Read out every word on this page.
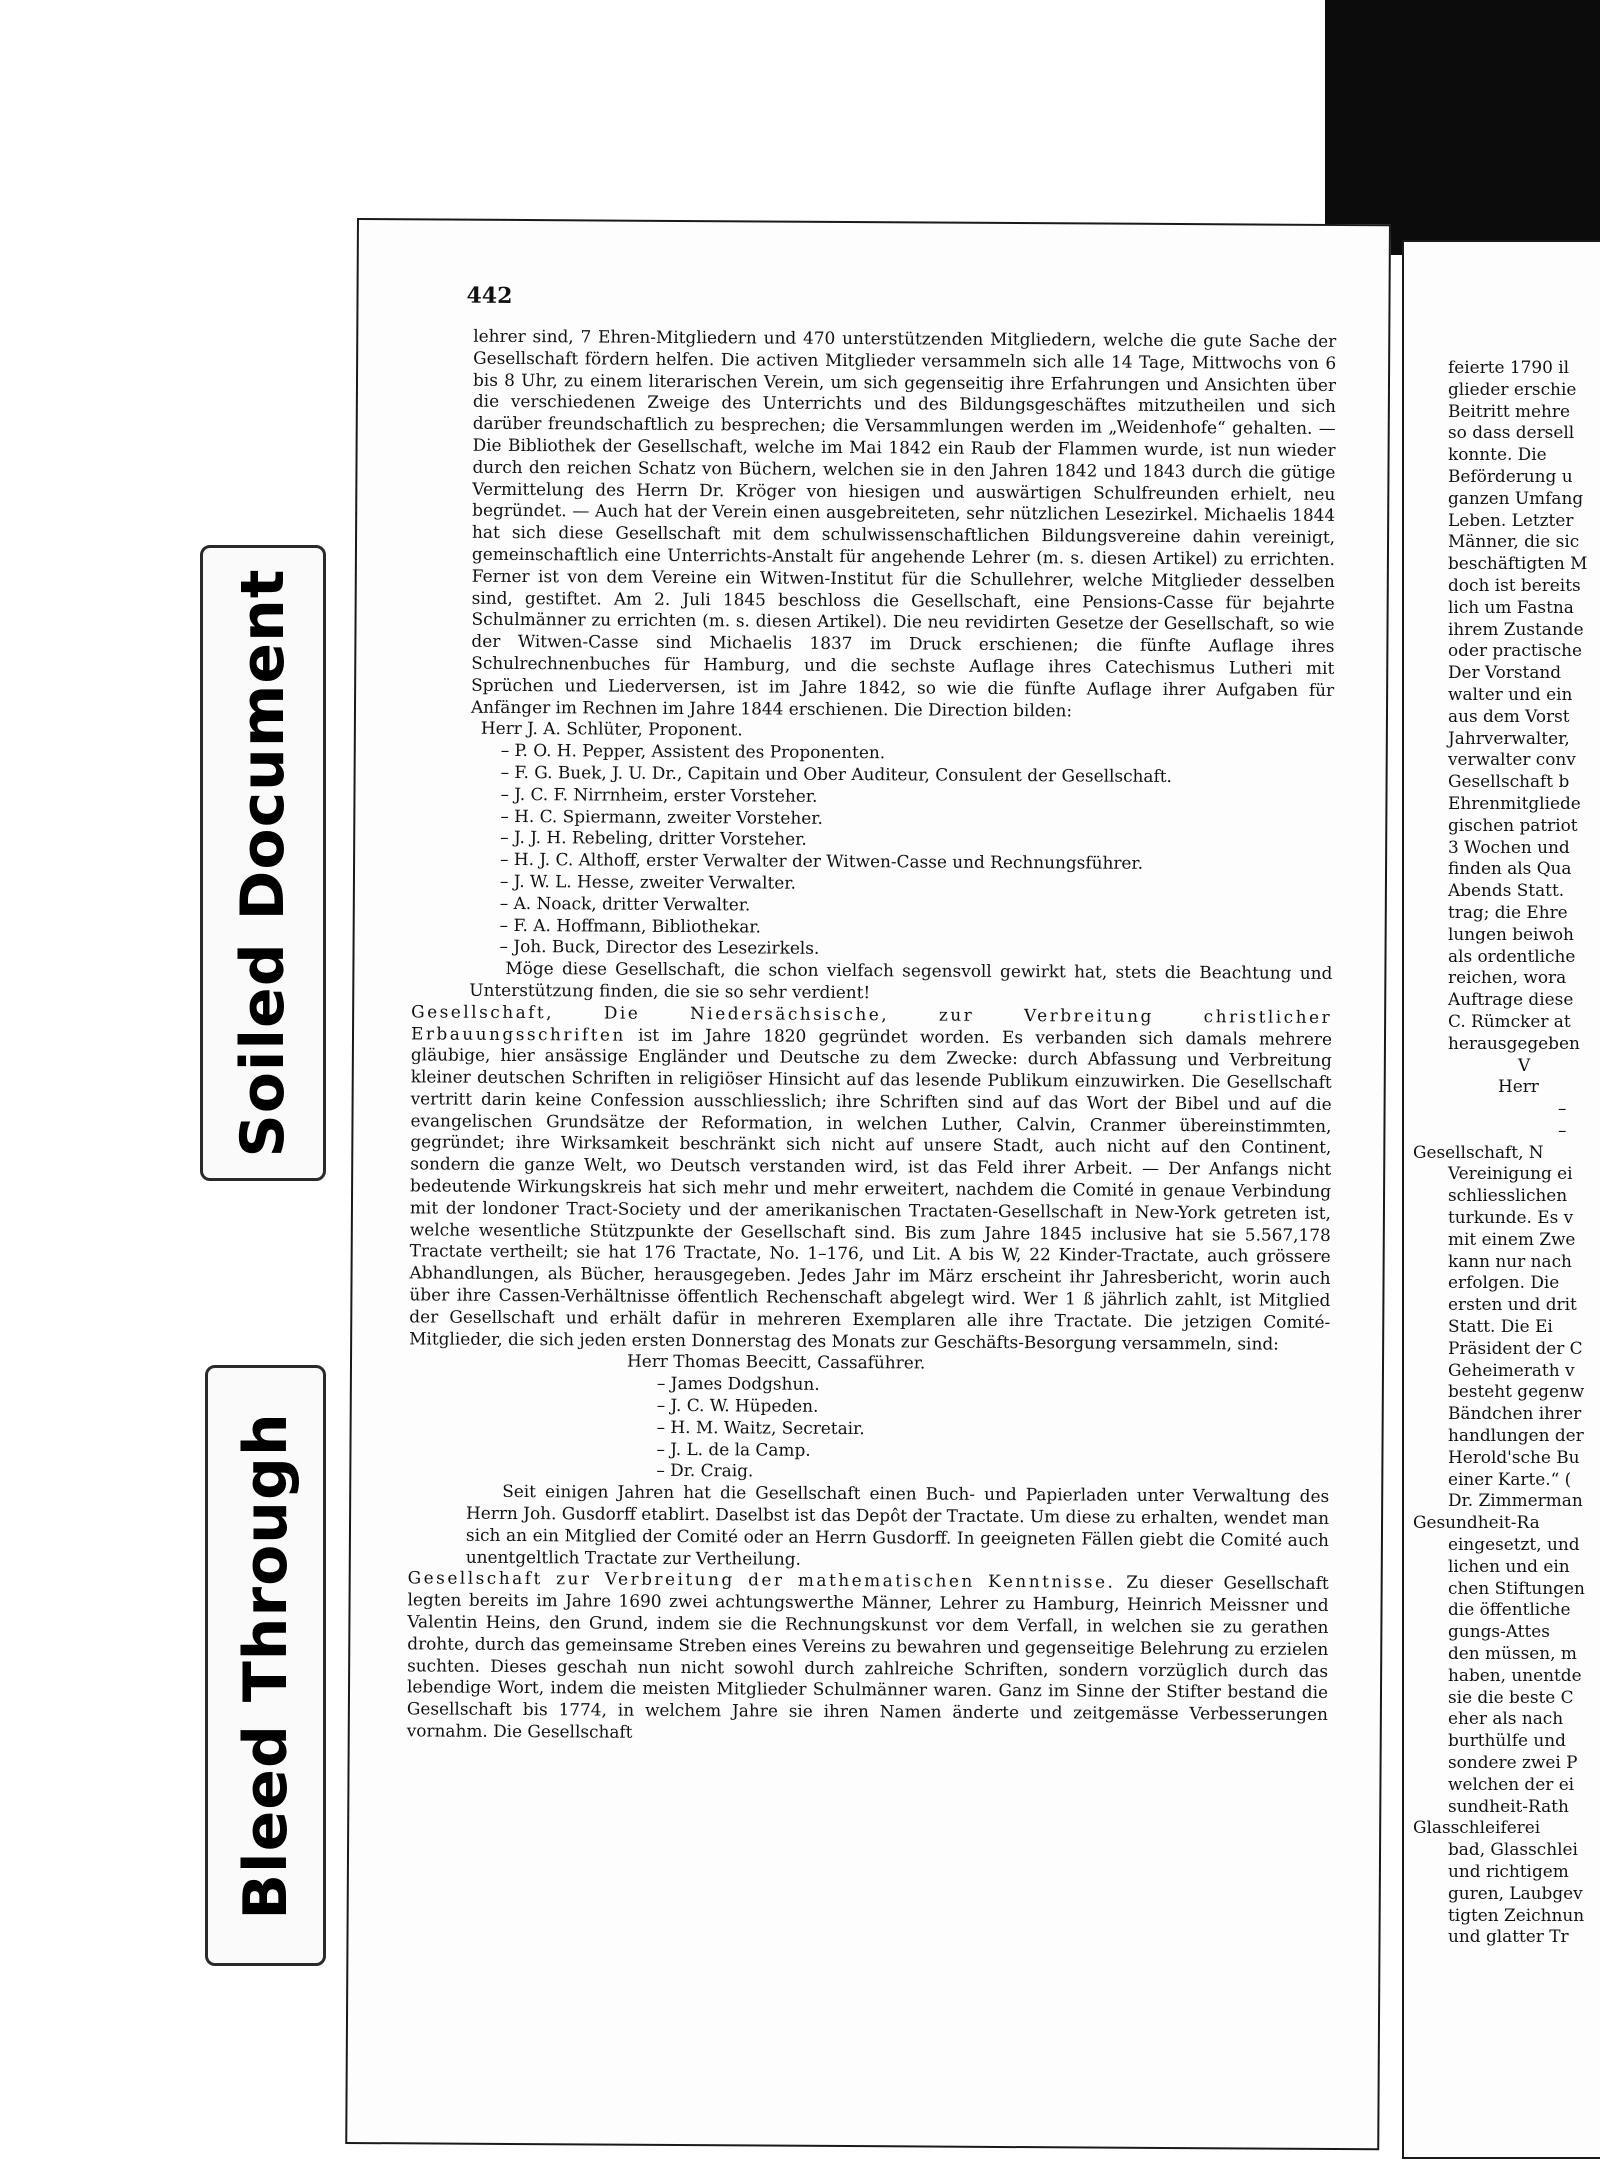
Soiled Document
Bleed Through
442

lehrer sind, 7 Ehren-Mitgliedern und 470 unterstützenden Mitgliedern, welche die gute Sache der Gesellschaft fördern helfen. Die activen Mitglieder versammeln sich alle 14 Tage, Mittwochs von 6 bis 8 Uhr, zu einem literarischen Verein, um sich gegenseitig ihre Erfahrungen und Ansichten über die verschiedenen Zweige des Unterrichts und des Bildungsgeschäftes mitzutheilen und sich darüber freundschaftlich zu besprechen; die Versammlungen werden im „Weidenhofe“ gehalten. — Die Bibliothek der Gesellschaft, welche im Mai 1842 ein Raub der Flammen wurde, ist nun wieder durch den reichen Schatz von Büchern, welchen sie in den Jahren 1842 und 1843 durch die gütige Vermittelung des Herrn Dr. Kröger von hiesigen und auswärtigen Schulfreunden erhielt, neu begründet. — Auch hat der Verein einen ausgebreiteten, sehr nützlichen Lesezirkel. Michaelis 1844 hat sich diese Gesellschaft mit dem schulwissenschaftlichen Bildungsvereine dahin vereinigt, gemeinschaftlich eine Unterrichts-Anstalt für angehende Lehrer (m. s. diesen Artikel) zu errichten. Ferner ist von dem Vereine ein Witwen-Institut für die Schullehrer, welche Mitglieder desselben sind, gestiftet. Am 2. Juli 1845 beschloss die Gesellschaft, eine Pensions-Casse für bejahrte Schulmänner zu errichten (m. s. diesen Artikel). Die neu revidirten Gesetze der Gesellschaft, so wie der Witwen-Casse sind Michaelis 1837 im Druck erschienen; die fünfte Auflage ihres Schulrechnenbuches für Hamburg, und die sechste Auflage ihres Catechismus Lutheri mit Sprüchen und Liederversen, ist im Jahre 1842, so wie die fünfte Auflage ihrer Aufgaben für Anfänger im Rechnen im Jahre 1844 erschienen. Die Direction bilden:

Herr J. A. Schlüter, Proponent.
– P. O. H. Pepper, Assistent des Proponenten.
– F. G. Buek, J. U. Dr., Capitain und Ober Auditeur, Consulent der Gesellschaft.
– J. C. F. Nirrnheim, erster Vorsteher.
– H. C. Spiermann, zweiter Vorsteher.
– J. J. H. Rebeling, dritter Vorsteher.
– H. J. C. Althoff, erster Verwalter der Witwen-Casse und Rechnungsführer.
– J. W. L. Hesse, zweiter Verwalter.
– A. Noack, dritter Verwalter.
– F. A. Hoffmann, Bibliothekar.
– Joh. Buck, Director des Lesezirkels.

Möge diese Gesellschaft, die schon vielfach segensvoll gewirkt hat, stets die Beachtung und Unterstützung finden, die sie so sehr verdient!

Gesellschaft, Die Niedersächsische, zur Verbreitung christlicher Erbauungsschriften ist im Jahre 1820 gegründet worden. Es verbanden sich damals mehrere gläubige, hier ansässige Engländer und Deutsche zu dem Zwecke: durch Abfassung und Verbreitung kleiner deutschen Schriften in religiöser Hinsicht auf das lesende Publikum einzuwirken. Die Gesellschaft vertritt darin keine Confession ausschliesslich; ihre Schriften sind auf das Wort der Bibel und auf die evangelischen Grundsätze der Reformation, in welchen Luther, Calvin, Cranmer übereinstimmten, gegründet; ihre Wirksamkeit beschränkt sich nicht auf unsere Stadt, auch nicht auf den Continent, sondern die ganze Welt, wo Deutsch verstanden wird, ist das Feld ihrer Arbeit. — Der Anfangs nicht bedeutende Wirkungskreis hat sich mehr und mehr erweitert, nachdem die Comité in genaue Verbindung mit der londoner Tract-Society und der amerikanischen Tractaten-Gesellschaft in New-York getreten ist, welche wesentliche Stützpunkte der Gesellschaft sind. Bis zum Jahre 1845 inclusive hat sie 5.567,178 Tractate vertheilt; sie hat 176 Tractate, No. 1–176, und Lit. A bis W, 22 Kinder-Tractate, auch grössere Abhandlungen, als Bücher, herausgegeben. Jedes Jahr im März erscheint ihr Jahresbericht, worin auch über ihre Cassen-Verhältnisse öffentlich Rechenschaft abgelegt wird. Wer 1 ß jährlich zahlt, ist Mitglied der Gesellschaft und erhält dafür in mehreren Exemplaren alle ihre Tractate. Die jetzigen Comité-Mitglieder, die sich jeden ersten Donnerstag des Monats zur Geschäfts-Besorgung versammeln, sind:

Herr Thomas Beecitt, Cassaführer.
– James Dodgshun.
– J. C. W. Hüpeden.
– H. M. Waitz, Secretair.
– J. L. de la Camp.
– Dr. Craig.

Seit einigen Jahren hat die Gesellschaft einen Buch- und Papierladen unter Verwaltung des Herrn Joh. Gusdorff etablirt. Daselbst ist das Depôt der Tractate. Um diese zu erhalten, wendet man sich an ein Mitglied der Comité oder an Herrn Gusdorff. In geeigneten Fällen giebt die Comité auch unentgeltlich Tractate zur Vertheilung.

Gesellschaft zur Verbreitung der mathematischen Kenntnisse. Zu dieser Gesellschaft legten bereits im Jahre 1690 zwei achtungswerthe Männer, Lehrer zu Hamburg, Heinrich Meissner und Valentin Heins, den Grund, indem sie die Rechnungskunst vor dem Verfall, in welchen sie zu gerathen drohte, durch das gemeinsame Streben eines Vereins zu bewahren und gegenseitige Belehrung zu erzielen suchten. Dieses geschah nun nicht sowohl durch zahlreiche Schriften, sondern vorzüglich durch das lebendige Wort, indem die meisten Mitglieder Schulmänner waren. Ganz im Sinne der Stifter bestand die Gesellschaft bis 1774, in welchem Jahre sie ihren Namen änderte und zeitgemässe Verbesserungen vornahm. Die Gesellschaft

feierte 1790 il
glieder erschie
Beitritt mehre
so dass dersell
konnte. Die
Beförderung u
ganzen Umfang
Leben. Letzter
Männer, die sic
beschäftigten M
doch ist bereits
lich um Fastna
ihrem Zustande
oder practische
Der Vorstand
walter und ein
aus dem Vorst
Jahrverwalter,
verwalter conv
Gesellschaft b
Ehrenmitgliede
gischen patriot
3 Wochen und
finden als Qua
Abends Statt.
trag; die Ehre
lungen beiwoh
als ordentliche
reichen, wora
Auftrage diese
C. Rümcker at
herausgegeben
V
Herr
–
–
Gesellschaft, N
Vereinigung ei
schliesslichen
turkunde. Es v
mit einem Zwe
kann nur nach
erfolgen. Die
ersten und drit
Statt. Die Ei
Präsident der C
Geheimerath v
besteht gegenw
Bändchen ihrer
handlungen der
Herold'sche Bu
einer Karte.“ (
Dr. Zimmerman
Gesundheit-Ra
eingesetzt, und
lichen und ein
chen Stiftungen
die öffentliche
gungs-Attes
den müssen, m
haben, unentde
sie die beste C
eher als nach
burthülfe und
sondere zwei P
welchen der ei
sundheit-Rath
Glasschleiferei
bad, Glasschlei
und richtigem
guren, Laubgev
tigten Zeichnun
und glatter Tr
